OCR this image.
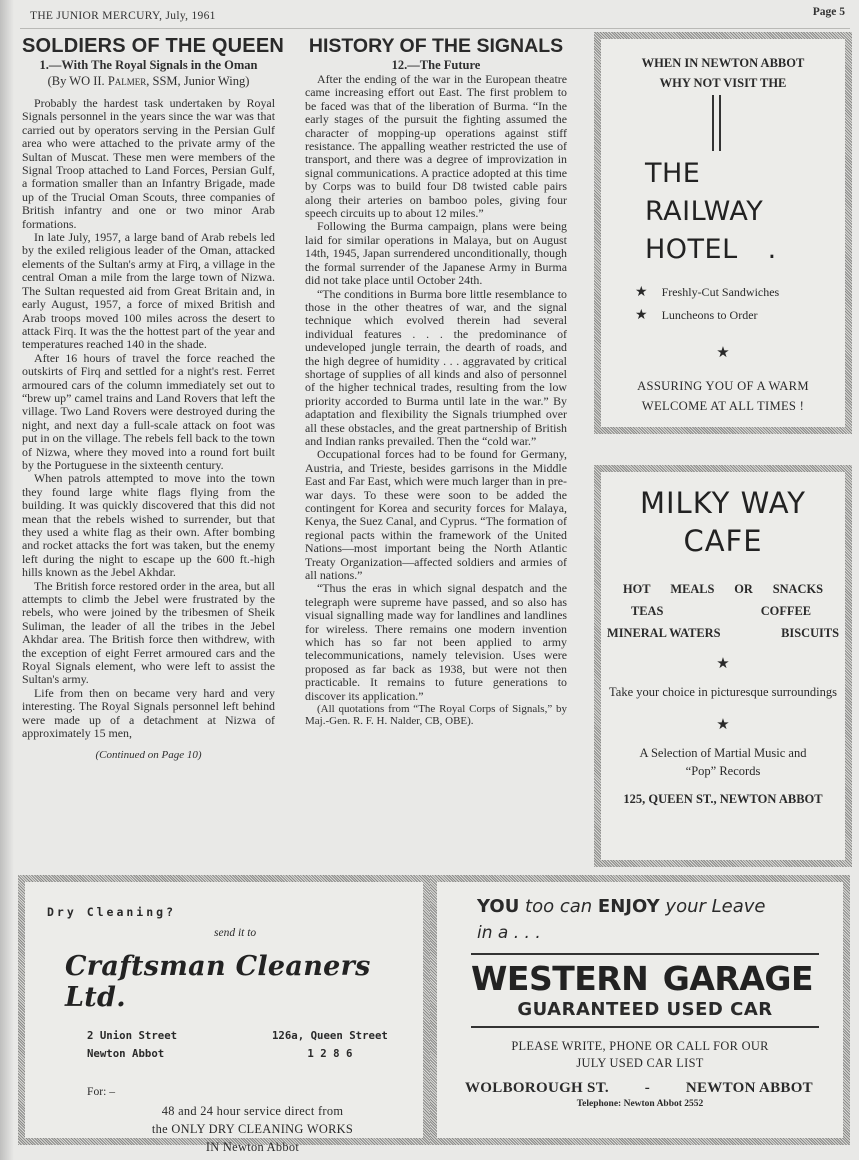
THE JUNIOR MERCURY, July, 1961	Page 5

SOLDIERS OF THE QUEEN

1.—With The Royal Signals in the Oman

(By WO II. Palmer, SSM, Junior Wing)

Probably the hardest task undertaken by Royal Signals personnel in the years since the war was that carried out by operators serving in the Persian Gulf area who were attached to the private army of the Sultan of Muscat. These men were members of the Signal Troop attached to Land Forces, Persian Gulf, a formation smaller than an Infantry Brigade, made up of the Trucial Oman Scouts, three companies of British infantry and one or two minor Arab formations.

In late July, 1957, a large band of Arab rebels led by the exiled religious leader of the Oman, attacked elements of the Sultan's army at Firq, a village in the central Oman a mile from the large town of Nizwa. The Sultan requested aid from Great Britain and, in early August, 1957, a force of mixed British and Arab troops moved 100 miles across the desert to attack Firq. It was the the hottest part of the year and temperatures reached 140 in the shade.

After 16 hours of travel the force reached the outskirts of Firq and settled for a night's rest. Ferret armoured cars of the column immediately set out to “brew up” camel trains and Land Rovers that left the village. Two Land Rovers were destroyed during the night, and next day a full-scale attack on foot was put in on the village. The rebels fell back to the town of Nizwa, where they moved into a round fort built by the Portuguese in the sixteenth century.

When patrols attempted to move into the town they found large white flags flying from the building. It was quickly discovered that this did not mean that the rebels wished to surrender, but that they used a white flag as their own. After bombing and rocket attacks the fort was taken, but the enemy left during the night to escape up the 600 ft.-high hills known as the Jebel Akhdar.

The British force restored order in the area, but all attempts to climb the Jebel were frustrated by the rebels, who were joined by the tribesmen of Sheik Suliman, the leader of all the tribes in the Jebel Akhdar area. The British force then withdrew, with the exception of eight Ferret armoured cars and the Royal Signals element, who were left to assist the Sultan's army.

Life from then on became very hard and very interesting. The Royal Signals personnel left behind were made up of a detachment at Nizwa of approximately 15 men,

(Continued on Page 10)

HISTORY OF THE SIGNALS

12.—The Future

After the ending of the war in the European theatre came increasing effort out East. The first problem to be faced was that of the liberation of Burma. “In the early stages of the pursuit the fighting assumed the character of mopping-up operations against stiff resistance. The appalling weather restricted the use of transport, and there was a degree of improvization in signal communications. A practice adopted at this time by Corps was to build four D8 twisted cable pairs along their arteries on bamboo poles, giving four speech circuits up to about 12 miles.”

Following the Burma campaign, plans were being laid for similar operations in Malaya, but on August 14th, 1945, Japan surrendered unconditionally, though the formal surrender of the Japanese Army in Burma did not take place until October 24th.

“The conditions in Burma bore little resemblance to those in the other theatres of war, and the signal technique which evolved therein had several individual features . . . the predominance of undeveloped jungle terrain, the dearth of roads, and the high degree of humidity . . . aggravated by critical shortage of supplies of all kinds and also of personnel of the higher technical trades, resulting from the low priority accorded to Burma until late in the war.” By adaptation and flexibility the Signals triumphed over all these obstacles, and the great partnership of British and Indian ranks prevailed. Then the “cold war.”

Occupational forces had to be found for Germany, Austria, and Trieste, besides garrisons in the Middle East and Far East, which were much larger than in pre-war days. To these were soon to be added the contingent for Korea and security forces for Malaya, Kenya, the Suez Canal, and Cyprus. “The formation of regional pacts within the framework of the United Nations—most important being the North Atlantic Treaty Organization—affected soldiers and armies of all nations.”

“Thus the eras in which signal despatch and the telegraph were supreme have passed, and so also has visual signalling made way for landlines and landlines for wireless. There remains one modern invention which has so far not been applied to army telecommunications, namely television. Uses were proposed as far back as 1938, but were not then practicable. It remains to future generations to discover its application.”

(All quotations from “The Royal Corps of Signals,” by Maj.-Gen. R. F. H. Nalder, CB, OBE).

WHEN IN NEWTON ABBOT
WHY NOT VISIT THE
THE
RAILWAY
HOTEL .
★ Freshly-Cut Sandwiches
★ Luncheons to Order
★
ASSURING YOU OF A WARM
WELCOME AT ALL TIMES !
MILKY WAY
CAFE
HOT MEALS OR SNACKS
TEAS	COFFEE
MINERAL WATERS	BISCUITS
★
Take your choice in picturesque surroundings
★
A Selection of Martial Music and
“Pop” Records
125, QUEEN ST., NEWTON ABBOT
Dry Cleaning?
send it to
Craftsman Cleaners Ltd.
2 Union Street
Newton Abbot
126a, Queen Street
1 2 8 6
For: –
48 and 24 hour service direct from
the ONLY DRY CLEANING WORKS
IN Newton Abbot
YOU too can ENJOY your Leave
in a . . .
WESTERN GARAGE
GUARANTEED USED CAR
PLEASE WRITE, PHONE OR CALL FOR OUR
JULY USED CAR LIST
WOLBOROUGH ST. - NEWTON ABBOT
Telephone: Newton Abbot 2552
